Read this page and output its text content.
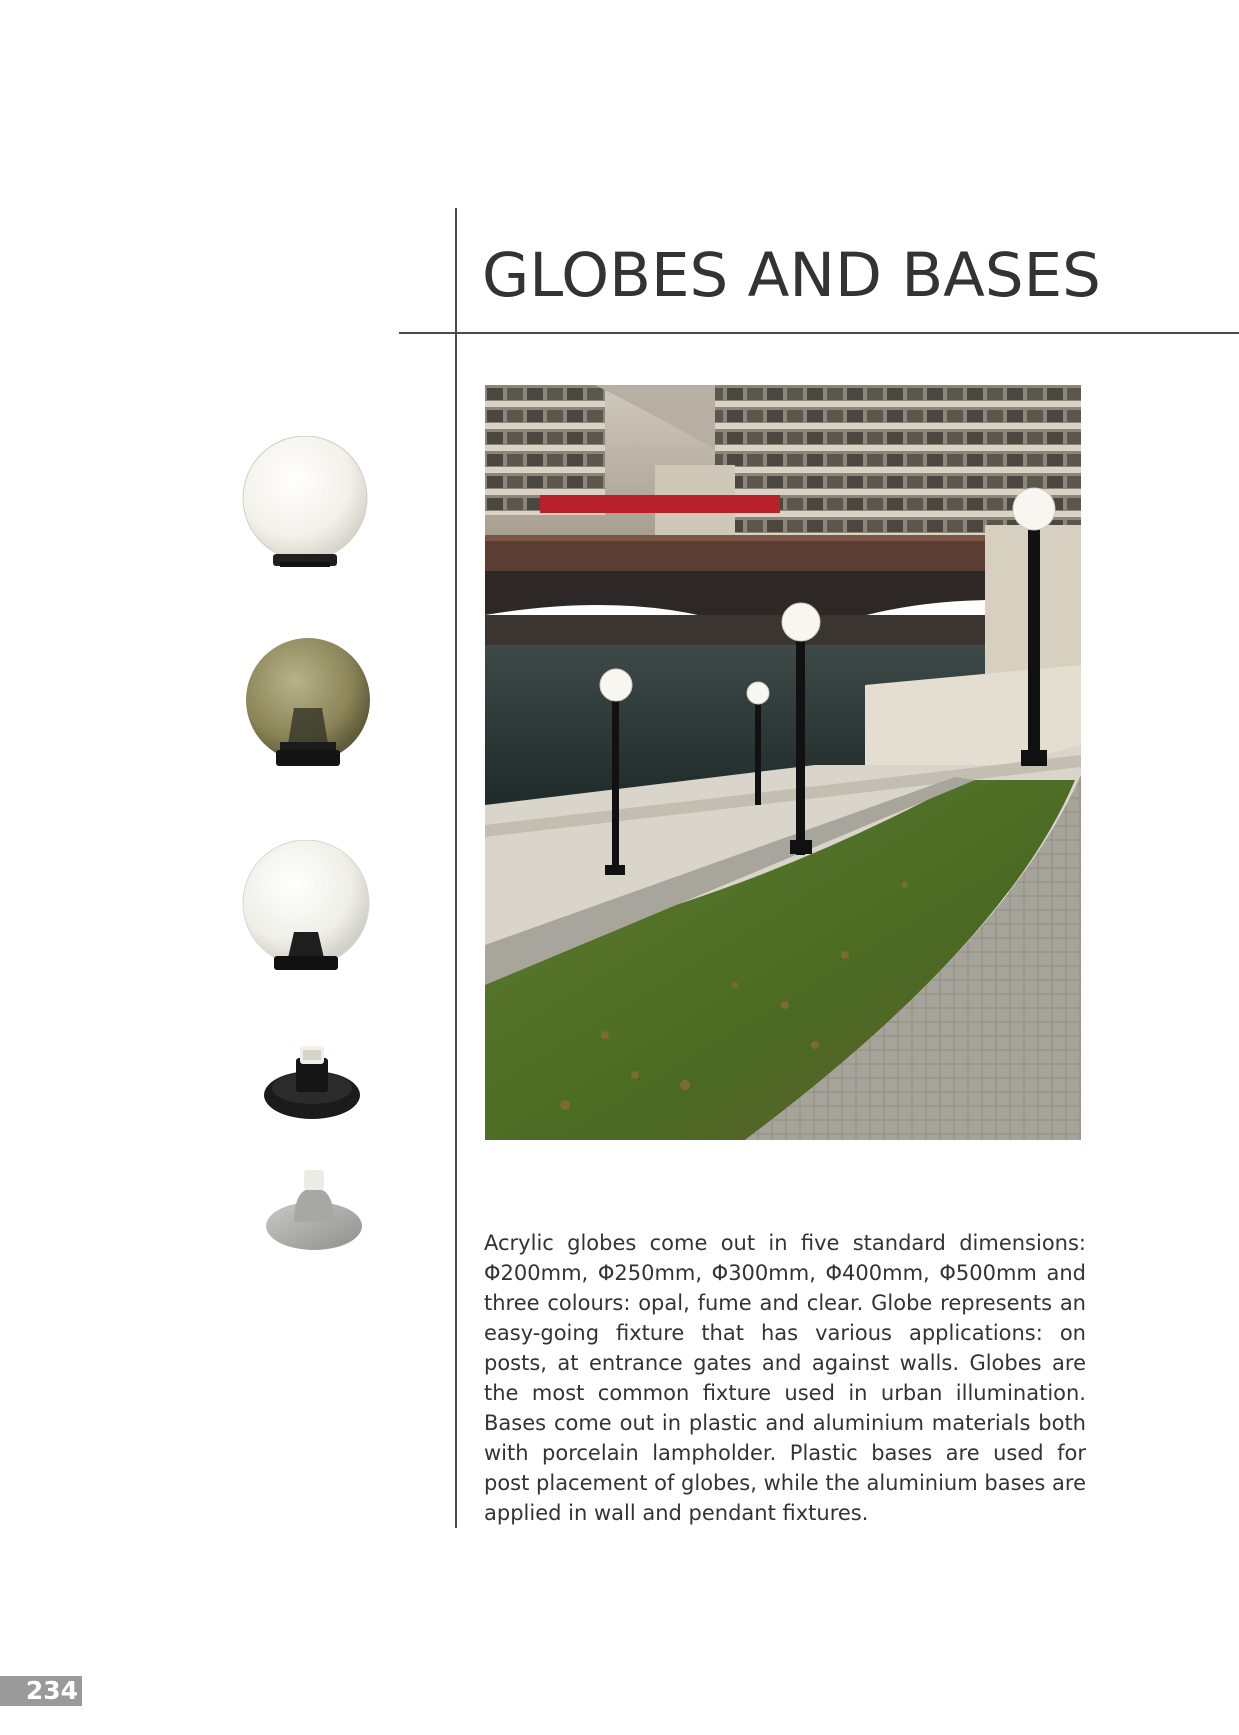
GLOBES AND BASES

Acrylic globes come out in five standard dimensions: Φ200mm, Φ250mm, Φ300mm, Φ400mm, Φ500mm and three colours: opal, fume and clear. Globe represents an easy-going fixture that has various applications: on posts, at entrance gates and against walls. Globes are the most common fixture used in urban illumination. Bases come out in plastic and aluminium materials both with porcelain lampholder. Plastic bases are used for post placement of globes, while the aluminium bases are applied in wall and pendant fixtures.

234
